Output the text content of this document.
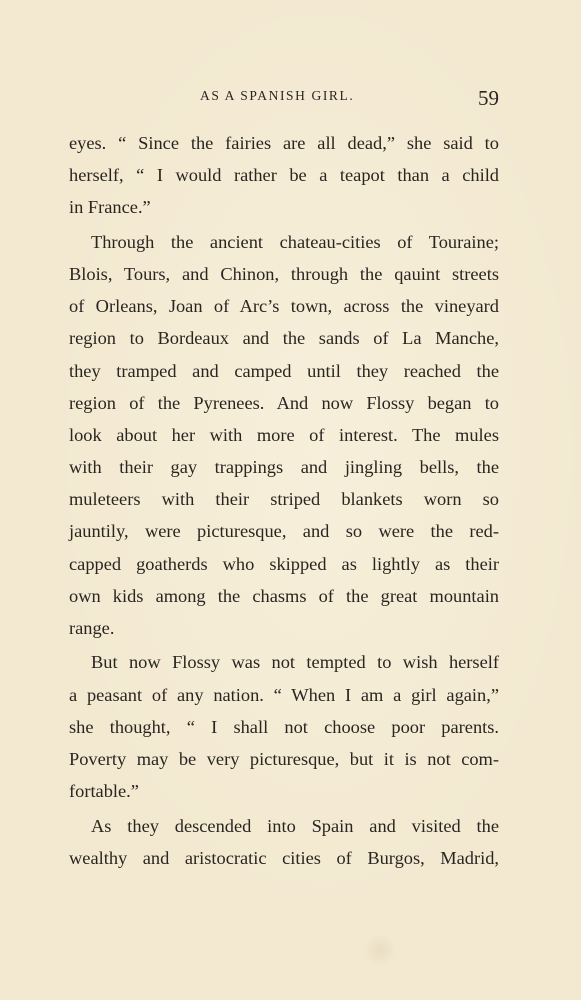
AS A SPANISH GIRL.	59
eyes. “ Since the fairies are all dead,” she said to
herself, “ I would rather be a teapot than a child
in France.”
Through the ancient chateau-cities of Touraine;
Blois, Tours, and Chinon, through the qauint streets
of Orleans, Joan of Arc’s town, across the vineyard
region to Bordeaux and the sands of La Manche,
they tramped and camped until they reached the
region of the Pyrenees. And now Flossy began to
look about her with more of interest. The mules
with their gay trappings and jingling bells, the
muleteers with their striped blankets worn so
jauntily, were picturesque, and so were the red-
capped goatherds who skipped as lightly as their
own kids among the chasms of the great mountain
range.
But now Flossy was not tempted to wish herself
a peasant of any nation. “ When I am a girl again,”
she thought, “ I shall not choose poor parents.
Poverty may be very picturesque, but it is not com-
fortable.”
As they descended into Spain and visited the
wealthy and aristocratic cities of Burgos, Madrid,
